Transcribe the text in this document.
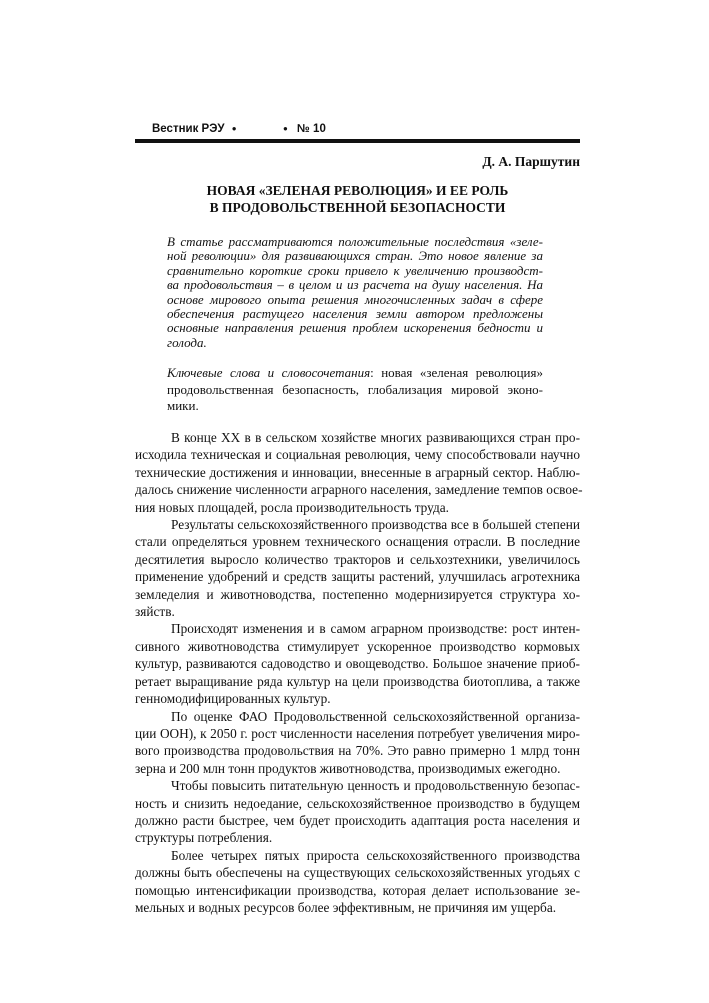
Вестник РЭУ ●	● № 10
Д. А. Паршутин
НОВАЯ «ЗЕЛЕНАЯ РЕВОЛЮЦИЯ» И ЕЕ РОЛЬ
В ПРОДОВОЛЬСТВЕННОЙ БЕЗОПАСНОСТИ
В статье рассматриваются положительные последствия «зеле-
ной революции» для развивающихся стран. Это новое явление за
сравнительно короткие сроки привело к увеличению производст-
ва продовольствия – в целом и из расчета на душу населения. На
основе мирового опыта решения многочисленных задач в сфере
обеспечения растущего населения земли автором предложены
основные направления решения проблем искоренения бедности и
голода.
Ключевые слова и словосочетания: новая «зеленая революция»
продовольственная безопасность, глобализация мировой эконо-
мики.
В конце XX в в сельском хозяйстве многих развивающихся стран про-
исходила техническая и социальная революция, чему способствовали научно
технические достижения и инновации, внесенные в аграрный сектор. Наблю-
далось снижение численности аграрного населения, замедление темпов освое-
ния новых площадей, росла производительность труда.
Результаты сельскохозяйственного производства все в большей степени
стали определяться уровнем технического оснащения отрасли. В последние
десятилетия выросло количество тракторов и сельхозтехники, увеличилось
применение удобрений и средств защиты растений, улучшилась агротехника
земледелия и животноводства, постепенно модернизируется структура хо-
зяйств.
Происходят изменения и в самом аграрном производстве: рост интен-
сивного животноводства стимулирует ускоренное производство кормовых
культур, развиваются садоводство и овощеводство. Большое значение приоб-
ретает выращивание ряда культур на цели производства биотоплива, а также
генномодифицированных культур.
По оценке ФАО Продовольственной сельскохозяйственной организа-
ции ООН), к 2050 г. рост численности населения потребует увеличения миро-
вого производства продовольствия на 70%. Это равно примерно 1 млрд тонн
зерна и 200 млн тонн продуктов животноводства, производимых ежегодно.
Чтобы повысить питательную ценность и продовольственную безопас-
ность и снизить недоедание, сельскохозяйственное производство в будущем
должно расти быстрее, чем будет происходить адаптация роста населения и
структуры потребления.
Более четырех пятых прироста сельскохозяйственного производства
должны быть обеспечены на существующих сельскохозяйственных угодьях с
помощью интенсификации производства, которая делает использование зе-
мельных и водных ресурсов более эффективным, не причиняя им ущерба.
